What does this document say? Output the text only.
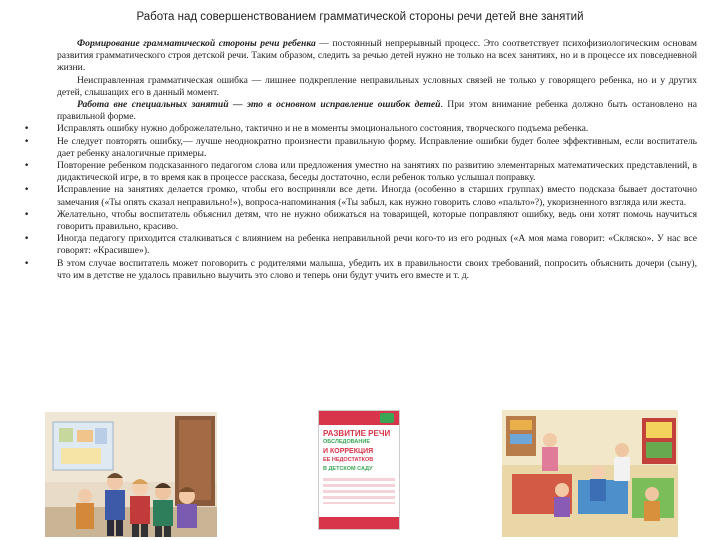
Работа над совершенствованием грамматической стороны речи детей вне занятий

Формирование грамматической стороны речи ребенка — постоянный непрерывный процесс. Это соответствует психофизиологическим основам развития грамматического строя детской речи. Таким образом, следить за речью детей нужно не только на всех занятиях, но и в процессе их повседневной жизни.

Неисправленная грамматическая ошибка — лишнее подкрепление неправильных условных связей не только у говорящего ребенка, но и у других детей, слышащих его в данный момент.

Работа вне специальных занятий — это в основном исправление ошибок детей. При этом внимание ребенка должно быть остановлено на правильной форме.

• Исправлять ошибку нужно доброжелательно, тактично и не в моменты эмоционального состояния, творческого подъема ребенка.
• Не следует повторять ошибку,— лучше неоднократно произнести правильную форму. Исправление ошибки будет более эффективным, если воспитатель дает ребенку аналогичные примеры.
• Повторение ребенком подсказанного педагогом слова или предложения уместно на занятиях по развитию элементарных математических представлений, в дидактической игре, в то время как в процессе рассказа, беседы достаточно, если ребенок только услышал поправку.
• Исправление на занятиях делается громко, чтобы его восприняли все дети. Иногда (особенно в старших группах) вместо подсказа бывает достаточно замечания («Ты опять сказал неправильно!»), вопроса-напоминания («Ты забыл, как нужно говорить слово «пальто»?), укоризненного взгляда или жеста.
• Желательно, чтобы воспитатель объяснил детям, что не нужно обижаться на товарищей, которые поправляют ошибку, ведь они хотят помочь научиться говорить правильно, красиво.
• Иногда педагогу приходится сталкиваться с влиянием на ребенка неправильной речи кого-то из его родных («А моя мама говорит: «Скляско». У нас все говорят: «Красивше»).
• В этом случае воспитатель может поговорить с родителями малыша, убедить их в правильности своих требований, попросить объяснить дочери (сыну), что им в детстве не удалось правильно выучить это слово и теперь они будут учить его вместе и т. д.
РАЗВИТИЕ РЕЧИ
ОБСЛЕДОВАНИЕ
И КОРРЕКЦИЯ
ЕЕ НЕДОСТАТКОВ
В ДЕТСКОМ САДУ
